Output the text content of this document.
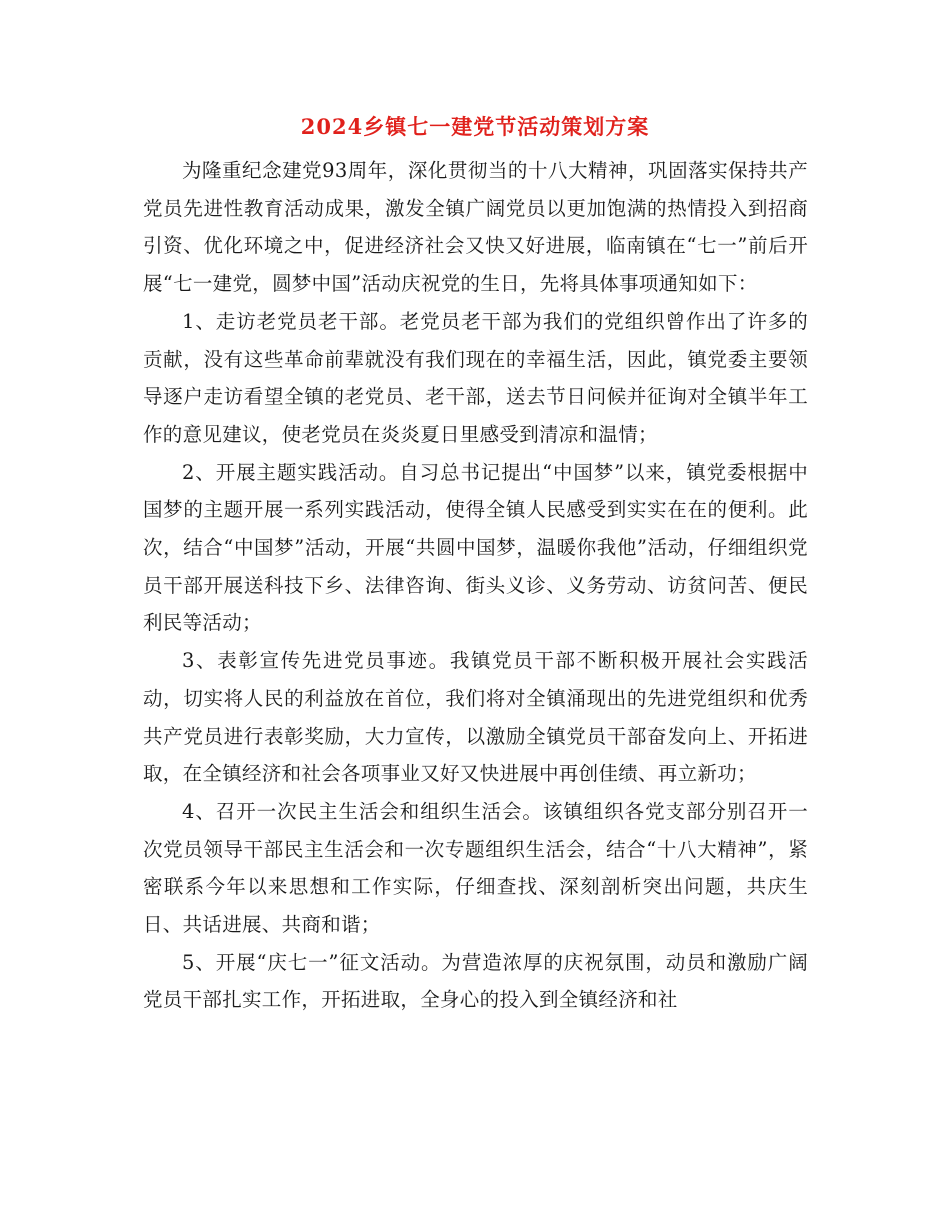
2024乡镇七一建党节活动策划方案

为隆重纪念建党93周年，深化贯彻当的十八大精神，巩固落实保持共产党员先进性教育活动成果，激发全镇广阔党员以更加饱满的热情投入到招商引资、优化环境之中，促进经济社会又快又好进展，临南镇在“七一”前后开展“七一建党，圆梦中国”活动庆祝党的生日，先将具体事项通知如下：

1、走访老党员老干部。老党员老干部为我们的党组织曾作出了许多的贡献，没有这些革命前辈就没有我们现在的幸福生活，因此，镇党委主要领导逐户走访看望全镇的老党员、老干部，送去节日问候并征询对全镇半年工作的意见建议，使老党员在炎炎夏日里感受到清凉和温情；

2、开展主题实践活动。自习总书记提出“中国梦”以来，镇党委根据中国梦的主题开展一系列实践活动，使得全镇人民感受到实实在在的便利。此次，结合“中国梦”活动，开展“共圆中国梦，温暖你我他”活动，仔细组织党员干部开展送科技下乡、法律咨询、街头义诊、义务劳动、访贫问苦、便民利民等活动；

3、表彰宣传先进党员事迹。我镇党员干部不断积极开展社会实践活动，切实将人民的利益放在首位，我们将对全镇涌现出的先进党组织和优秀共产党员进行表彰奖励，大力宣传，以激励全镇党员干部奋发向上、开拓进取，在全镇经济和社会各项事业又好又快进展中再创佳绩、再立新功；

4、召开一次民主生活会和组织生活会。该镇组织各党支部分别召开一次党员领导干部民主生活会和一次专题组织生活会，结合“十八大精神”，紧密联系今年以来思想和工作实际，仔细查找、深刻剖析突出问题，共庆生日、共话进展、共商和谐；

5、开展“庆七一”征文活动。为营造浓厚的庆祝氛围，动员和激励广阔党员干部扎实工作，开拓进取，全身心的投入到全镇经济和社
